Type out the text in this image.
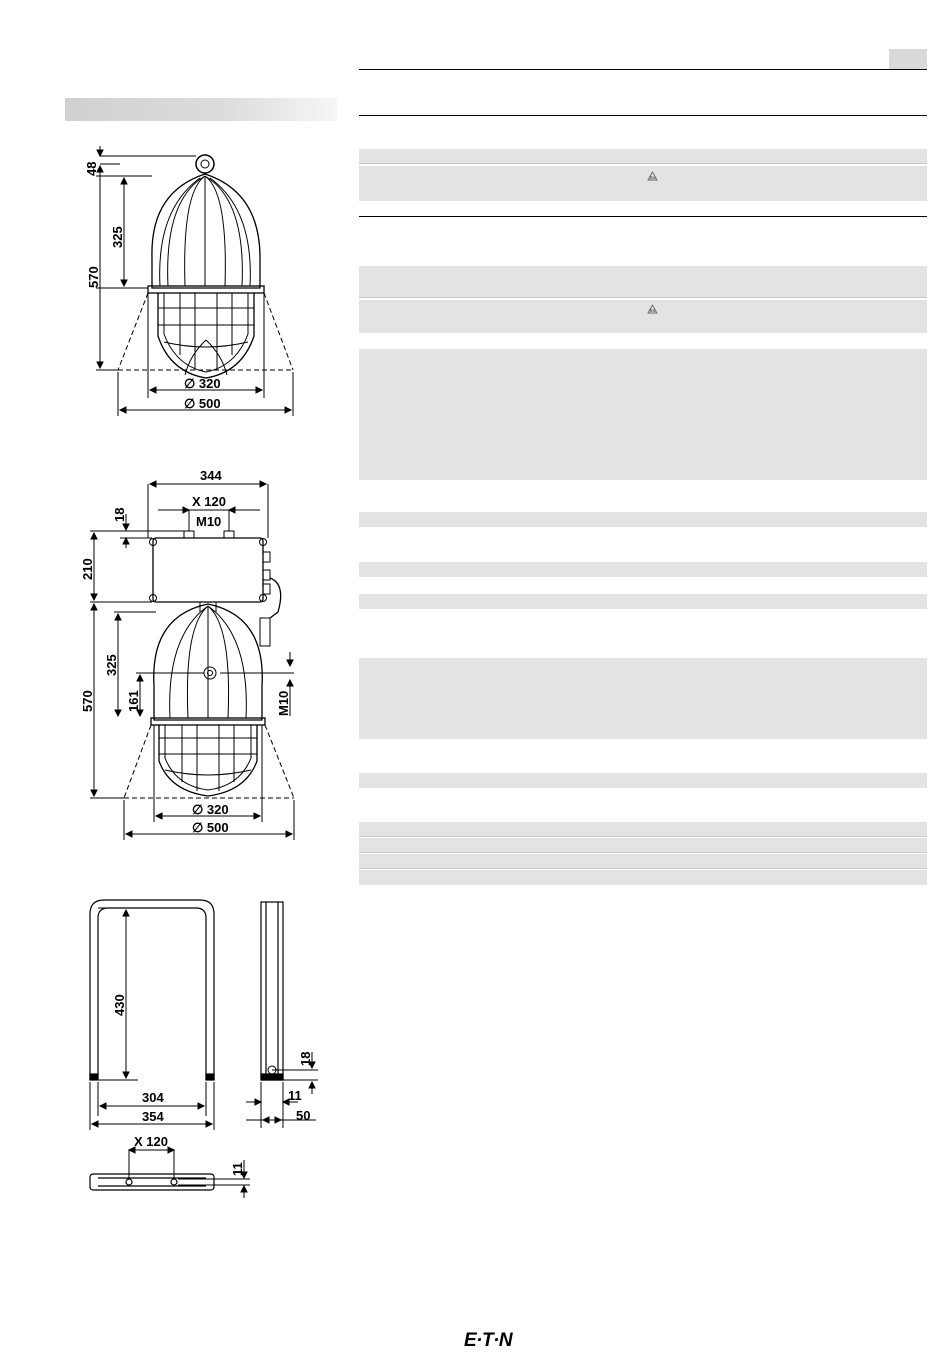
Ex
Ex
48
325
570
∅ 320
∅ 500
344
X 120
M10
18
210
325
161
570	M10
∅ 320
∅ 500
430
304
354
18
11
50
X 120
11
E·T·N
